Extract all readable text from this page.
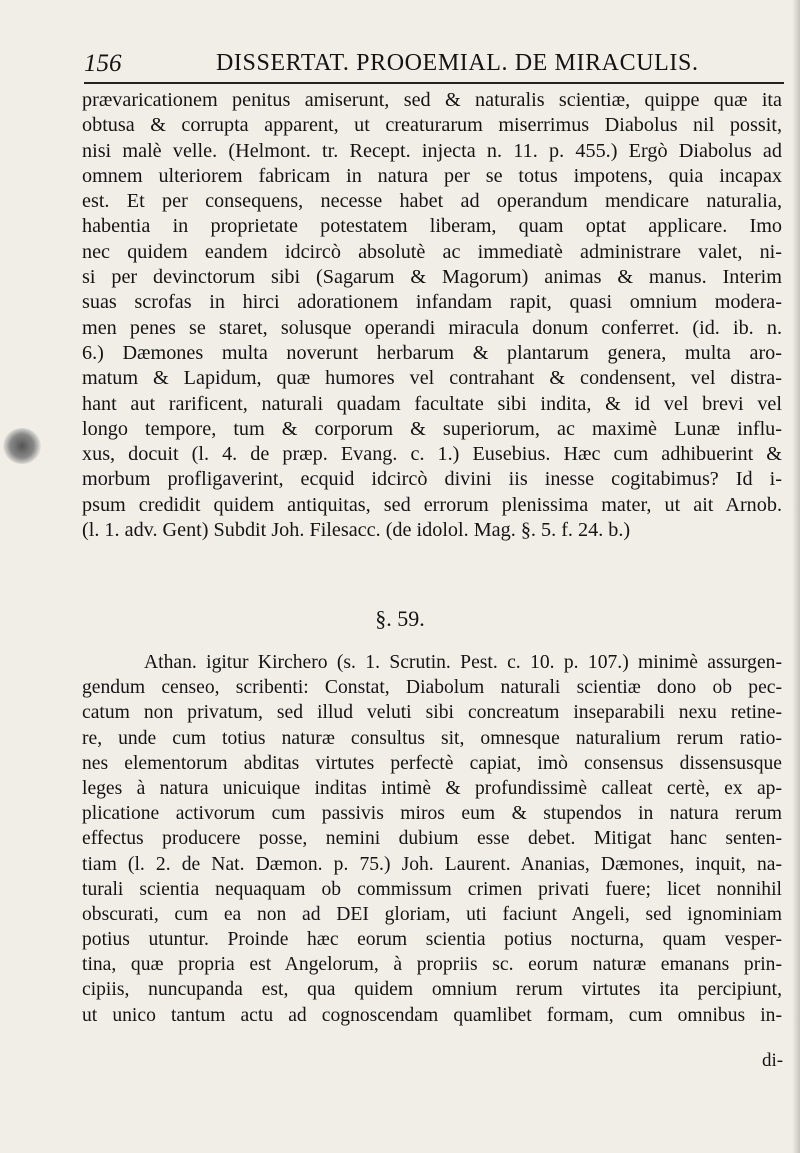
156	DISSERTAT. PROOEMIAL. DE MIRACULIS.
prævaricationem penitus amiserunt, sed & naturalis scientiæ, quippe quæ ita
obtusa & corrupta apparent, ut creaturarum miserrimus Diabolus nil possit,
nisi malè velle. (Helmont. tr. Recept. injecta n. 11. p. 455.) Ergò Diabolus ad
omnem ulteriorem fabricam in natura per se totus impotens, quia incapax
est. Et per consequens, necesse habet ad operandum mendicare naturalia,
habentia in proprietate potestatem liberam, quam optat applicare. Imo
nec quidem eandem idcircò absolutè ac immediatè administrare valet, ni-
si per devinctorum sibi (Sagarum & Magorum) animas & manus. Interim
suas scrofas in hirci adorationem infandam rapit, quasi omnium modera-
men penes se staret, solusque operandi miracula donum conferret. (id. ib. n.
6.) Dæmones multa noverunt herbarum & plantarum genera, multa aro-
matum & Lapidum, quæ humores vel contrahant & condensent, vel distra-
hant aut rarificent, naturali quadam facultate sibi indita, & id vel brevi vel
longo tempore, tum & corporum & superiorum, ac maximè Lunæ influ-
xus, docuit (l. 4. de præp. Evang. c. 1.) Eusebius. Hæc cum adhibuerint &
morbum profligaverint, ecquid idcircò divini iis inesse cogitabimus? Id i-
psum credidit quidem antiquitas, sed errorum plenissima mater, ut ait Arnob.
(l. 1. adv. Gent) Subdit Joh. Filesacc. (de idolol. Mag. §. 5. f. 24. b.)
§. 59.
Athan. igitur Kirchero (s. 1. Scrutin. Pest. c. 10. p. 107.) minimè assurgen-
gendum censeo, scribenti: Constat, Diabolum naturali scientiæ dono ob pec-
catum non privatum, sed illud veluti sibi concreatum inseparabili nexu retine-
re, unde cum totius naturæ consultus sit, omnesque naturalium rerum ratio-
nes elementorum abditas virtutes perfectè capiat, imò consensus dissensusque
leges à natura unicuique inditas intimè & profundissimè calleat certè, ex ap-
plicatione activorum cum passivis miros eum & stupendos in natura rerum
effectus producere posse, nemini dubium esse debet. Mitigat hanc senten-
tiam (l. 2. de Nat. Dæmon. p. 75.) Joh. Laurent. Ananias, Dæmones, inquit, na-
turali scientia nequaquam ob commissum crimen privati fuere; licet nonnihil
obscurati, cum ea non ad DEI gloriam, uti faciunt Angeli, sed ignominiam
potius utuntur. Proinde hæc eorum scientia potius nocturna, quam vesper-
tina, quæ propria est Angelorum, à propriis sc. eorum naturæ emanans prin-
cipiis, nuncupanda est, qua quidem omnium rerum virtutes ita percipiunt,
ut unico tantum actu ad cognoscendam quamlibet formam, cum omnibus in-
di-
